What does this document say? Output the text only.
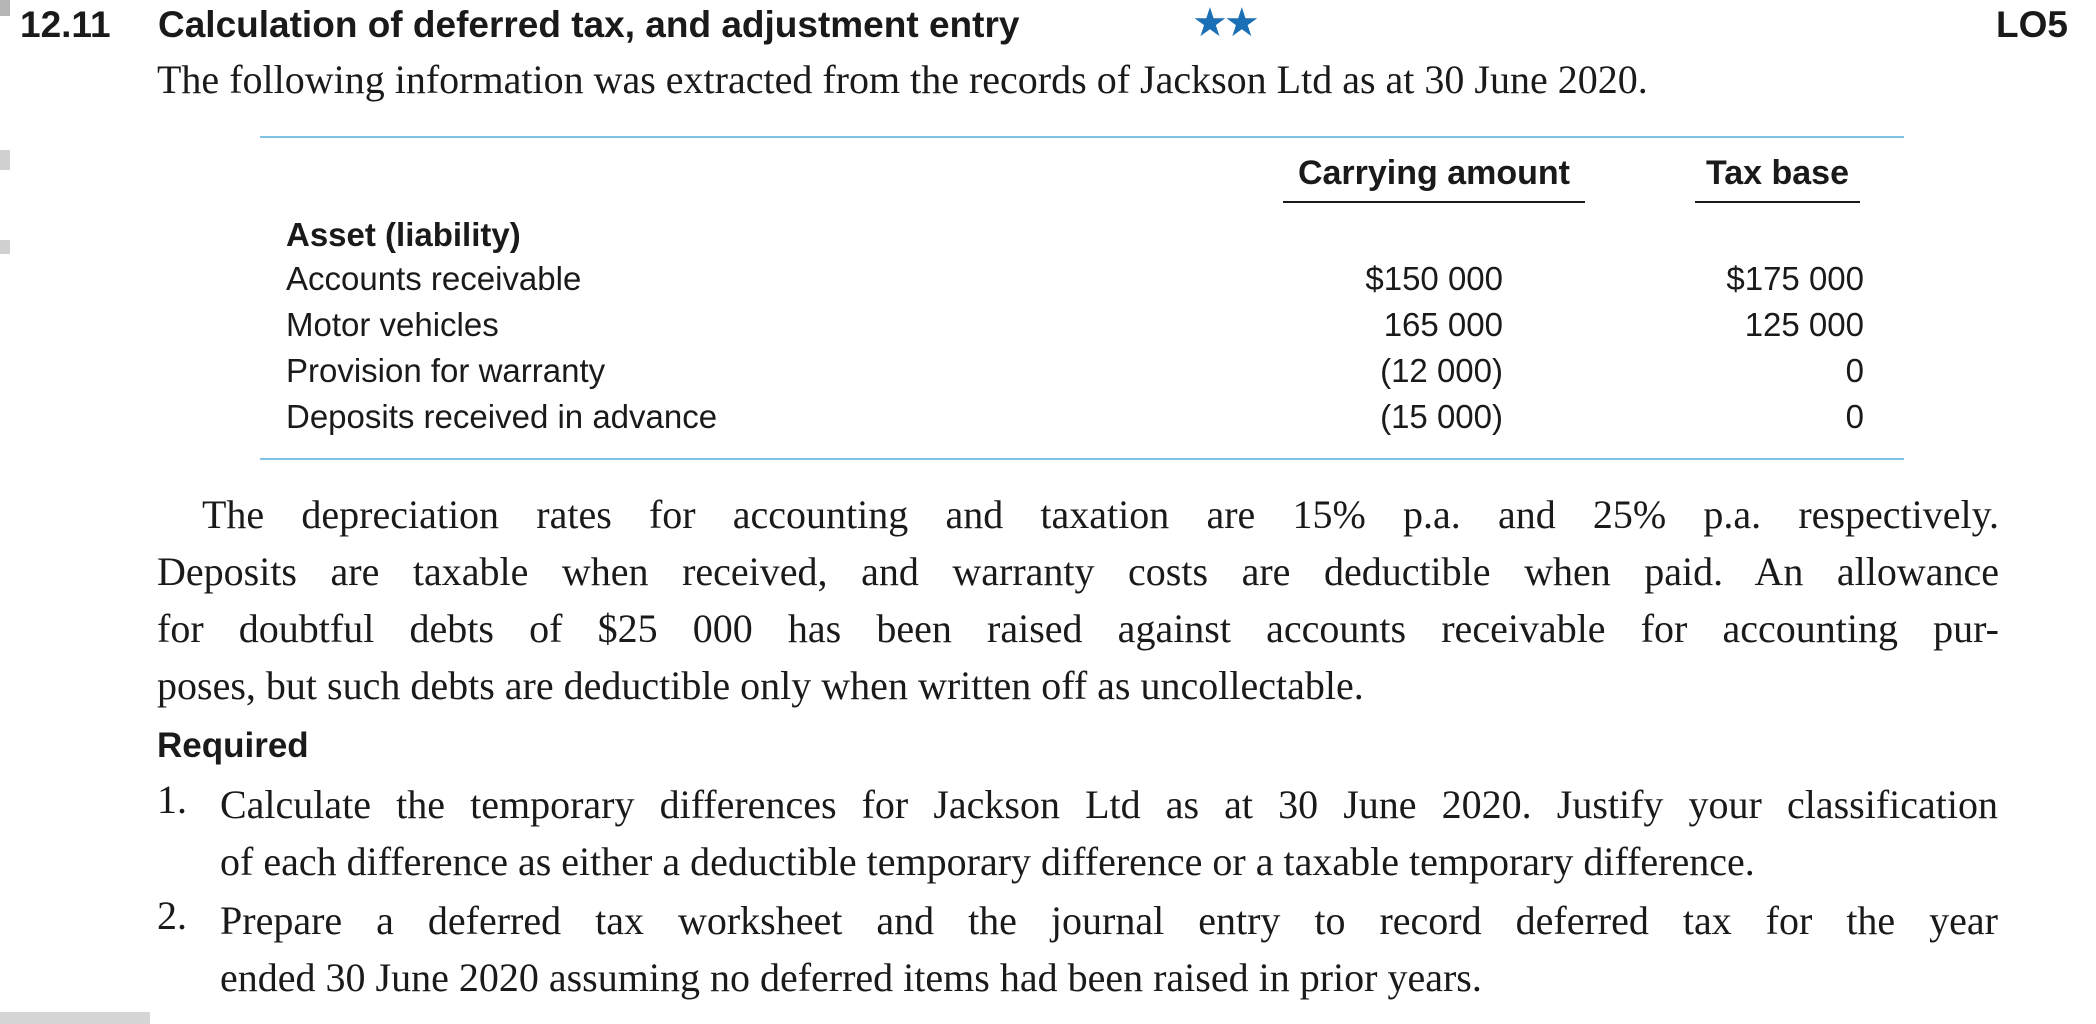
12.11 Calculation of deferred tax, and adjustment entry	★★	LO5
The following information was extracted from the records of Jackson Ltd as at 30 June 2020.
Carrying amount	Tax base
Asset (liability)
Accounts receivable	$150 000	$175 000
Motor vehicles	165 000	125 000
Provision for warranty	(12 000)	0
Deposits received in advance	(15 000)	0
The depreciation rates for accounting and taxation are 15% p.a. and 25% p.a. respectively.
Deposits are taxable when received, and warranty costs are deductible when paid. An allowance
for doubtful debts of $25 000 has been raised against accounts receivable for accounting pur-
poses, but such debts are deductible only when written off as uncollectable.
Required
1. Calculate the temporary differences for Jackson Ltd as at 30 June 2020. Justify your classification
of each difference as either a deductible temporary difference or a taxable temporary difference.
2. Prepare a deferred tax worksheet and the journal entry to record deferred tax for the year
ended 30 June 2020 assuming no deferred items had been raised in prior years.
